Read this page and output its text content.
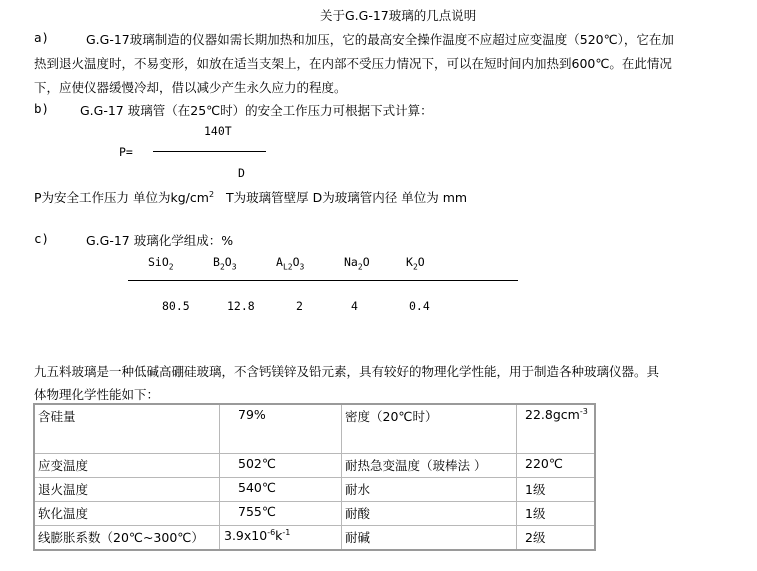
关于G.G-17玻璃的几点说明
a)	G.G-17玻璃制造的仪器如需长期加热和加压，它的最高安全操作温度不应超过应变温度（520℃），它在加
热到退火温度时，不易变形，如放在适当支架上，在内部不受压力情况下，可以在短时间内加热到600℃。在此情况
下，应使仪器缓慢冷却，借以减少产生永久应力的程度。
b) G.G-17 玻璃管（在25℃时）的安全工作压力可根据下式计算：
140T
P=
D
P为安全工作压力 单位为$kg/cm^2$ T为玻璃管壁厚 D为玻璃管内径 单位为 mm
c)	G.G-17 玻璃化学组成：%
SiO$_2$	$B_2O_3$	$A_{L2}O_3$	$Na_2O$	$K_2O$
80.5	12.8	2	4	0.4
九五料玻璃是一种低碱高硼硅玻璃，不含钙镁锌及铅元素，具有较好的物理化学性能，用于制造各种玻璃仪器。具
体物理化学性能如下：
含硅量	79%	密度（20℃时）	22.8gcm$^{-3}$
应变温度	502℃	耐热急变温度（玻棒法 ）	220℃
退火温度	540℃	耐水	1级
软化温度	755℃	耐酸	1级
线膨胀系数（20℃~300℃）	$3.9x10^{-6}k^{-1}$	耐碱	2级
